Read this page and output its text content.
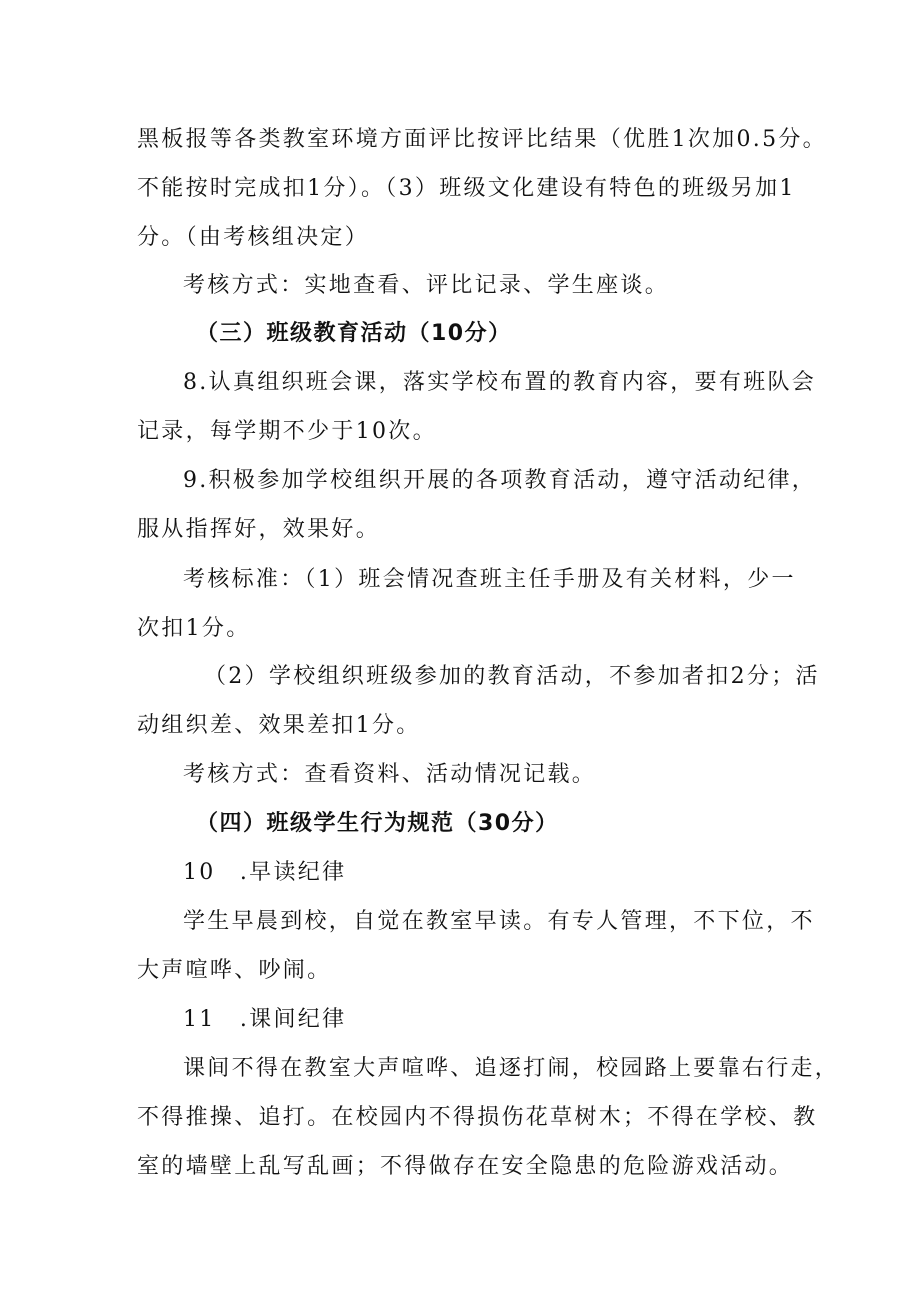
黑板报等各类教室环境方面评比按评比结果（优胜1次加0.5分。
不能按时完成扣1分）。（3）班级文化建设有特色的班级另加1
分。（由考核组决定）
考核方式：实地查看、评比记录、学生座谈。
（三）班级教育活动（10分）
8.认真组织班会课，落实学校布置的教育内容，要有班队会
记录，每学期不少于10次。
9.积极参加学校组织开展的各项教育活动，遵守活动纪律，
服从指挥好，效果好。
考核标准：（1）班会情况查班主任手册及有关材料，少一
次扣1分。
（2）学校组织班级参加的教育活动，不参加者扣2分；活
动组织差、效果差扣1分。
考核方式：查看资料、活动情况记载。
（四）班级学生行为规范（30分）
10　.早读纪律
学生早晨到校，自觉在教室早读。有专人管理，不下位，不
大声喧哗、吵闹。
11　.课间纪律
课间不得在教室大声喧哗、追逐打闹，校园路上要靠右行走，
不得推操、追打。在校园内不得损伤花草树木；不得在学校、教
室的墙壁上乱写乱画；不得做存在安全隐患的危险游戏活动。
